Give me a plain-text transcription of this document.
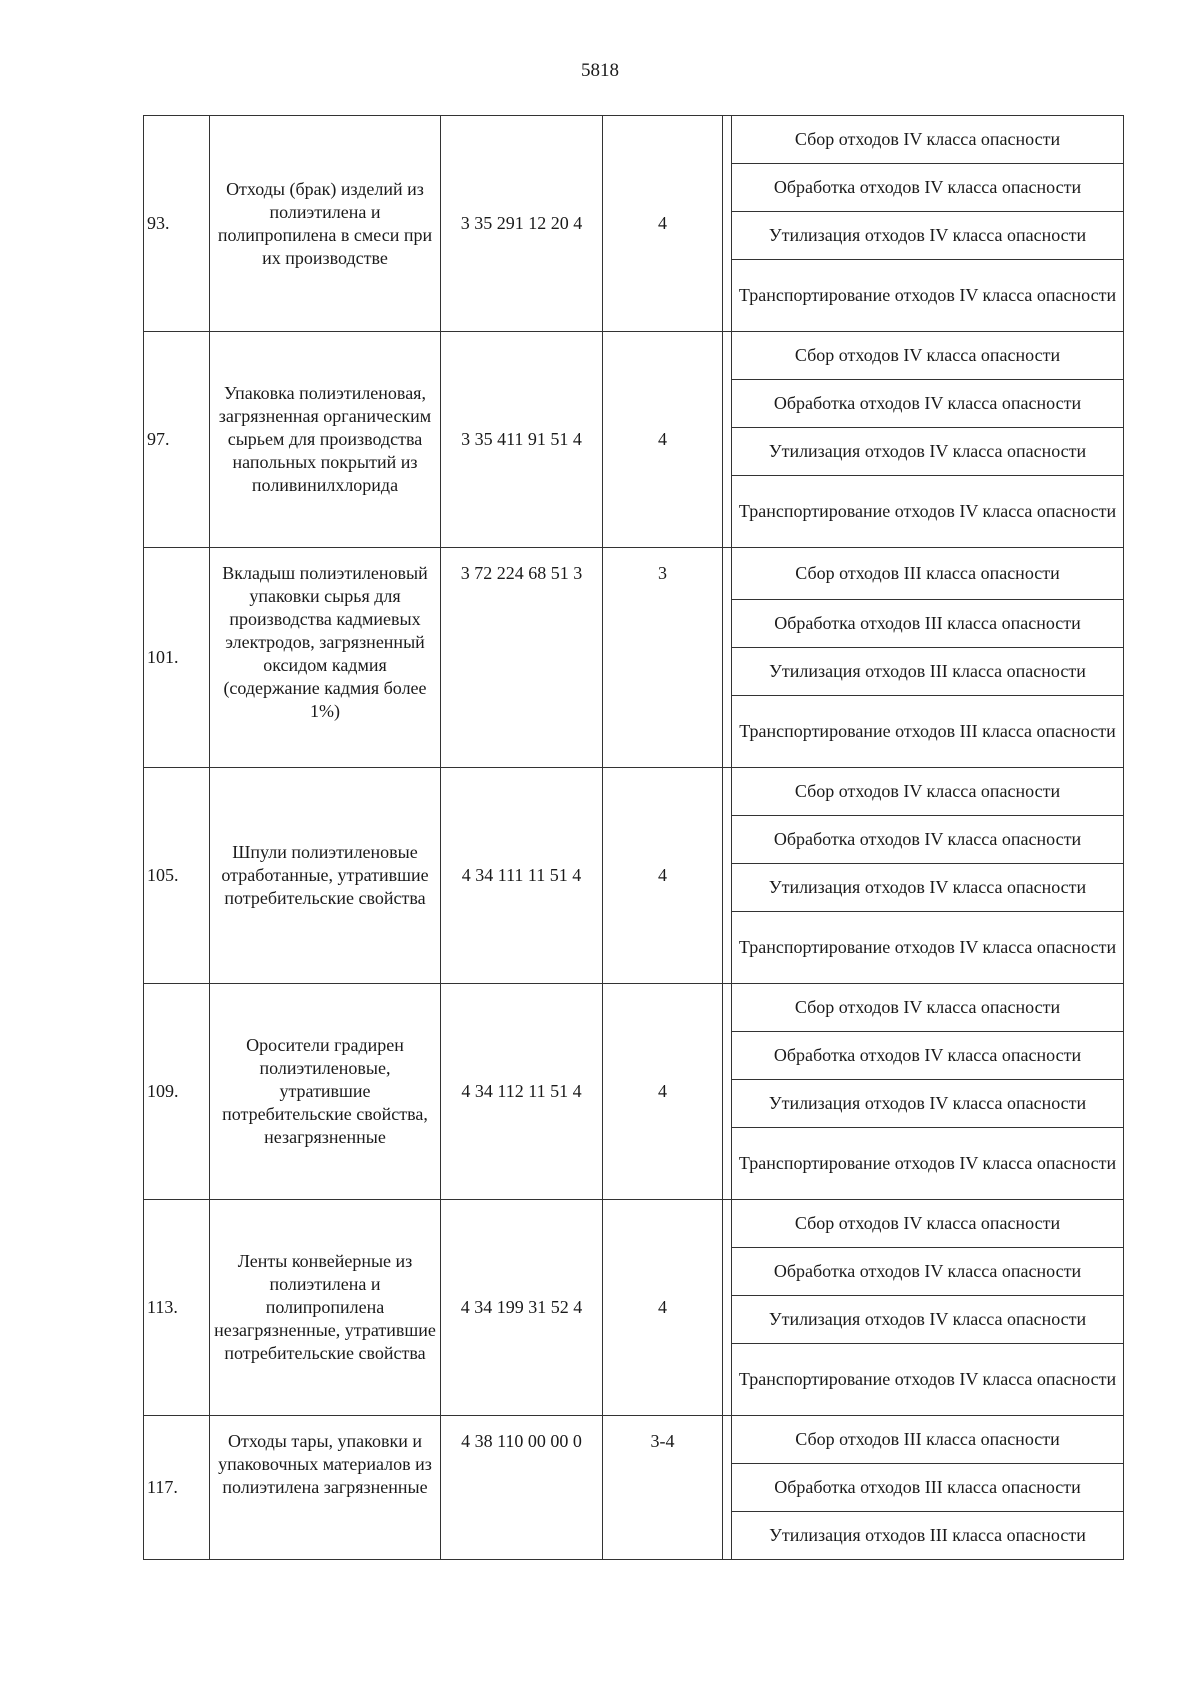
5818
93.	Отходы (брак) изделий из полиэтилена и полипропилена в смеси при их производстве	3 35 291 12 20 4	4		Сбор отходов IV класса опасности
					Обработка отходов IV класса опасности
					Утилизация отходов IV класса опасности
					Транспортирование отходов IV класса опасности
97.	Упаковка полиэтиленовая, загрязненная органическим сырьем для производства напольных покрытий из поливинилхлорида	3 35 411 91 51 4	4		Сбор отходов IV класса опасности
					Обработка отходов IV класса опасности
					Утилизация отходов IV класса опасности
					Транспортирование отходов IV класса опасности
101.	Вкладыш полиэтиленовый упаковки сырья для производства кадмиевых электродов, загрязненный оксидом кадмия (содержание кадмия более 1%)	3 72 224 68 51 3	3		Сбор отходов III класса опасности
					Обработка отходов III класса опасности
					Утилизация отходов III класса опасности
					Транспортирование отходов III класса опасности
105.	Шпули полиэтиленовые отработанные, утратившие потребительские свойства	4 34 111 11 51 4	4		Сбор отходов IV класса опасности
					Обработка отходов IV класса опасности
					Утилизация отходов IV класса опасности
					Транспортирование отходов IV класса опасности
109.	Оросители градирен полиэтиленовые, утратившие потребительские свойства, незагрязненные	4 34 112 11 51 4	4		Сбор отходов IV класса опасности
					Обработка отходов IV класса опасности
					Утилизация отходов IV класса опасности
					Транспортирование отходов IV класса опасности
113.	Ленты конвейерные из полиэтилена и полипропилена незагрязненные, утратившие потребительские свойства	4 34 199 31 52 4	4		Сбор отходов IV класса опасности
					Обработка отходов IV класса опасности
					Утилизация отходов IV класса опасности
					Транспортирование отходов IV класса опасности
117.	Отходы тары, упаковки и упаковочных материалов из полиэтилена загрязненные	4 38 110 00 00 0	3-4		Сбор отходов III класса опасности
					Обработка отходов III класса опасности
					Утилизация отходов III класса опасности
